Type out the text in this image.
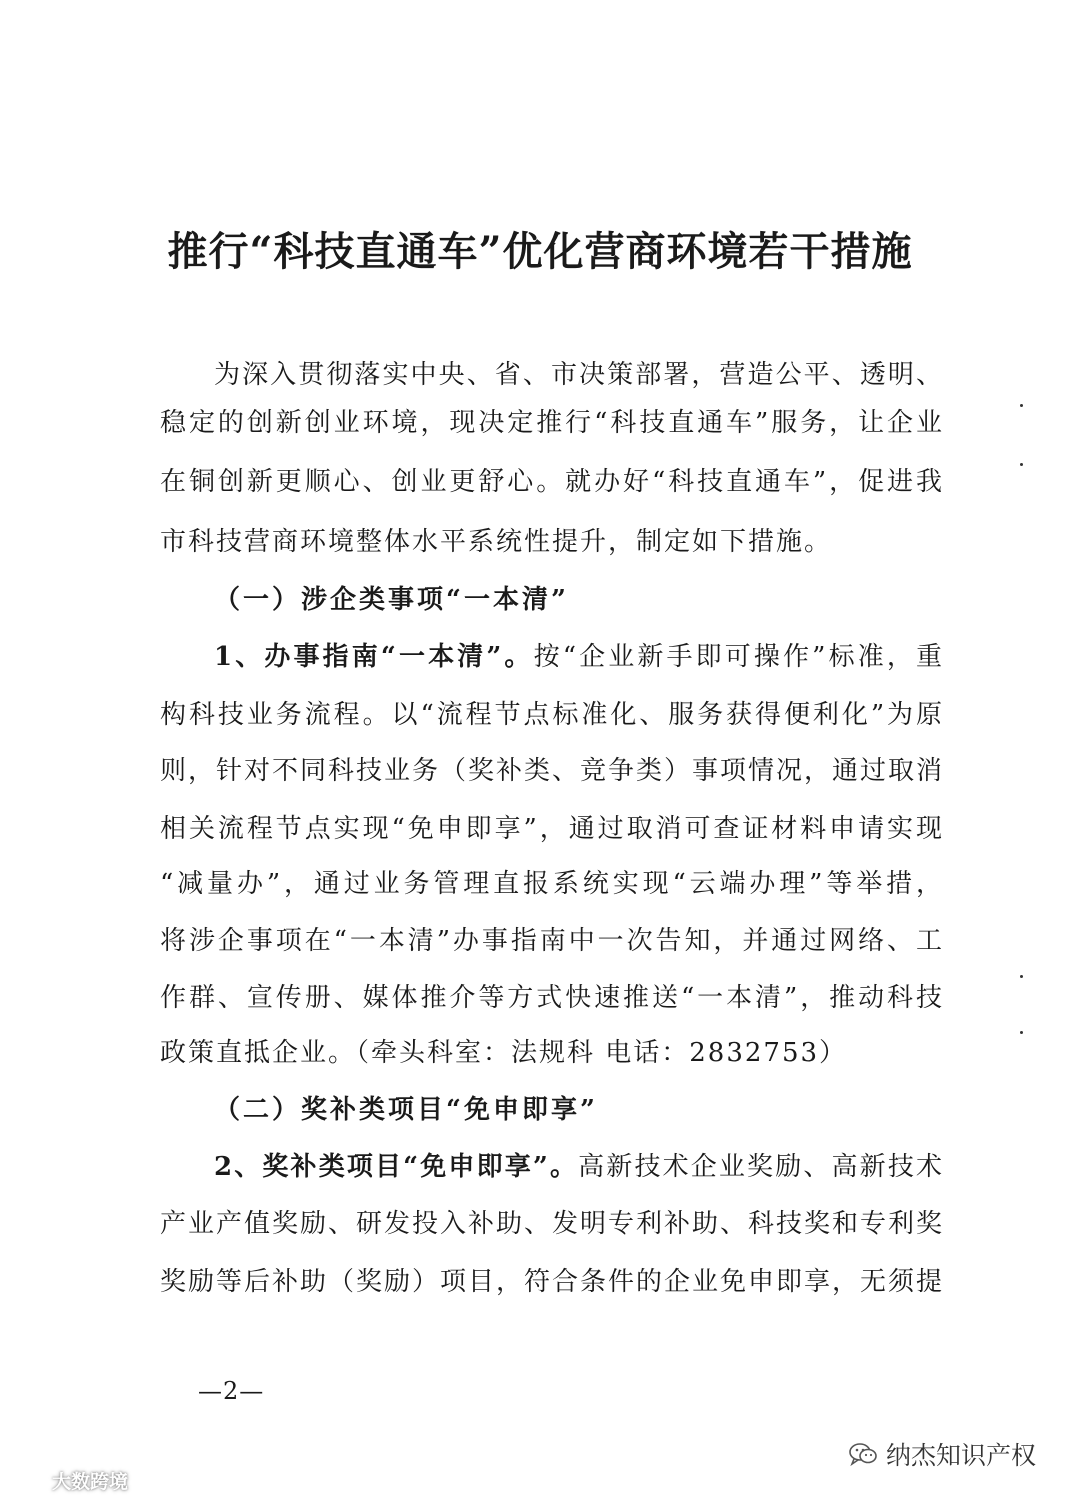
推行“科技直通车”优化营商环境若干措施
为深入贯彻落实中央、省、市决策部署，营造公平、透明、
稳定的创新创业环境，现决定推行“科技直通车”服务，让企业
在铜创新更顺心、创业更舒心。就办好“科技直通车”，促进我
市科技营商环境整体水平系统性提升，制定如下措施。
（一）涉企类事项“一本清”
1、办事指南“一本清”。按“企业新手即可操作”标准，重
构科技业务流程。以“流程节点标准化、服务获得便利化”为原
则，针对不同科技业务（奖补类、竞争类）事项情况，通过取消
相关流程节点实现“免申即享”，通过取消可查证材料申请实现
“减量办”，通过业务管理直报系统实现“云端办理”等举措，
将涉企事项在“一本清”办事指南中一次告知，并通过网络、工
作群、宣传册、媒体推介等方式快速推送“一本清”，推动科技
政策直抵企业。（牵头科室：法规科 电话：2832753）
（二）奖补类项目“免申即享”
2、奖补类项目“免申即享”。高新技术企业奖励、高新技术
产业产值奖励、研发投入补助、发明专利补助、科技奖和专利奖
奖励等后补助（奖励）项目，符合条件的企业免申即享，无须提
—2—
纳杰知识产权
大数跨境
